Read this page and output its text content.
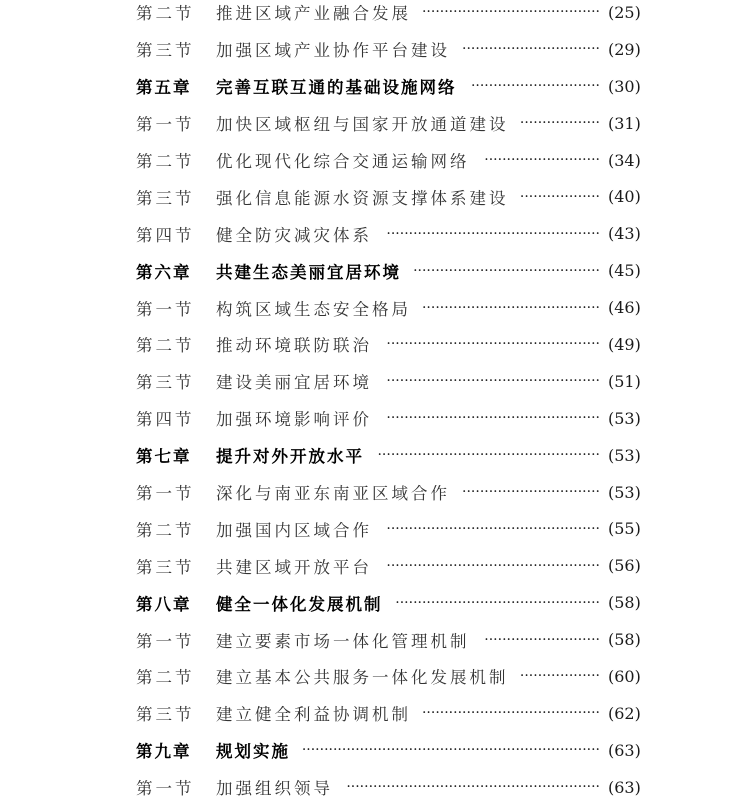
第二节 推进区域产业融合发展 ········································ (25)
第三节 加强区域产业协作平台建设 ······························· (29)
第五章 完善互联互通的基础设施网络 ····························· (30)
第一节 加快区域枢纽与国家开放通道建设 ·················· (31)
第二节 优化现代化综合交通运输网络	·························· (34)
第三节 强化信息能源水资源支撑体系建设 ·················· (40)
第四节 健全防灾减灾体系	················································ (43)
第六章 共建生态美丽宜居环境 ·········································· (45)
第一节 构筑区域生态安全格局 ········································ (46)
第二节 推动环境联防联治	················································ (49)
第三节 建设美丽宜居环境	················································ (51)
第四节 加强环境影响评价	················································ (53)
第七章 提升对外开放水平 ·················································· (53)
第一节 深化与南亚东南亚区域合作 ······························· (53)
第二节 加强国内区域合作	················································ (55)
第三节 共建区域开放平台	················································ (56)
第八章 健全一体化发展机制 ·············································· (58)
第一节 建立要素市场一体化管理机制	·························· (58)
第二节 建立基本公共服务一体化发展机制 ·················· (60)
第三节 建立健全利益协调机制 ········································ (62)
第九章 规划实施 ··································································· (63)
第一节 加强组织领导 ························································· (63)
